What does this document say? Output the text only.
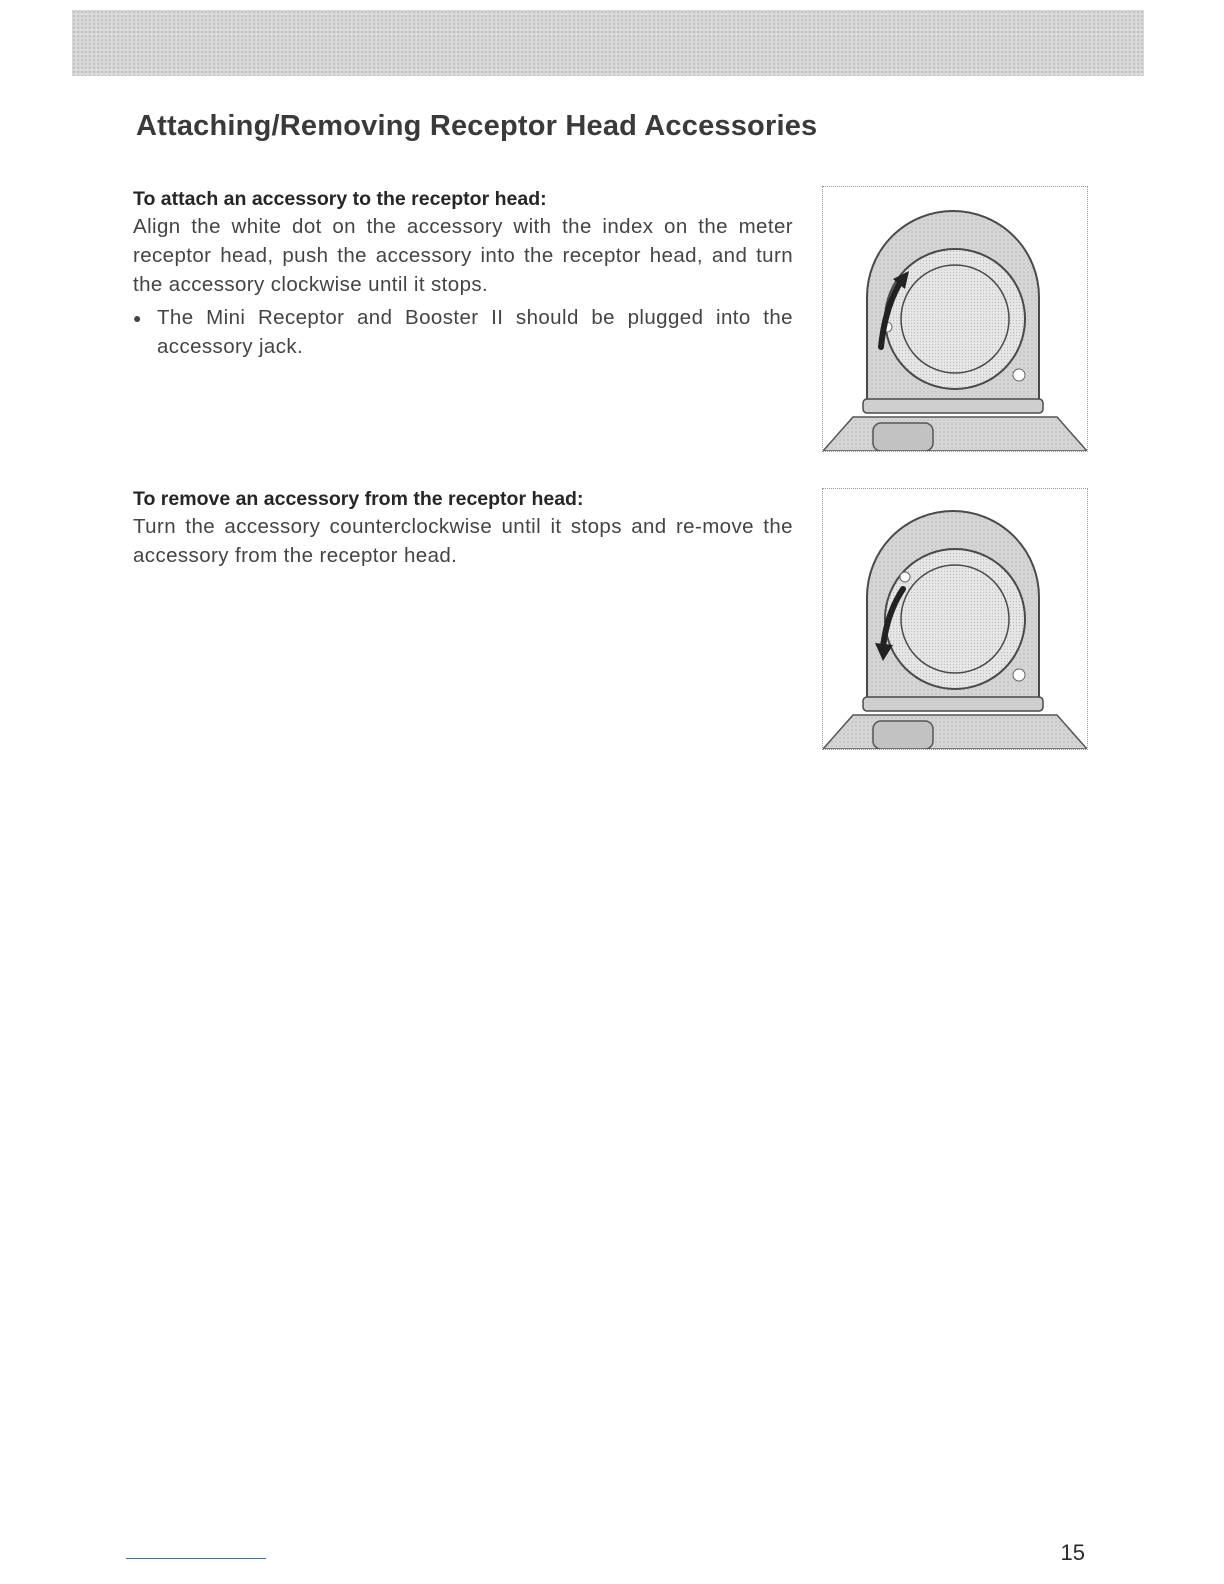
Attaching/Removing Receptor Head Accessories
To attach an accessory to the receptor head:

Align the white dot on the accessory with the index on the meter receptor head, push the accessory into the receptor head, and turn the accessory clockwise until it stops.

● The Mini Receptor and Booster II should be plugged into the accessory jack.
To remove an accessory from the receptor head:

Turn the accessory counterclockwise until it stops and re-move the accessory from the receptor head.

15
